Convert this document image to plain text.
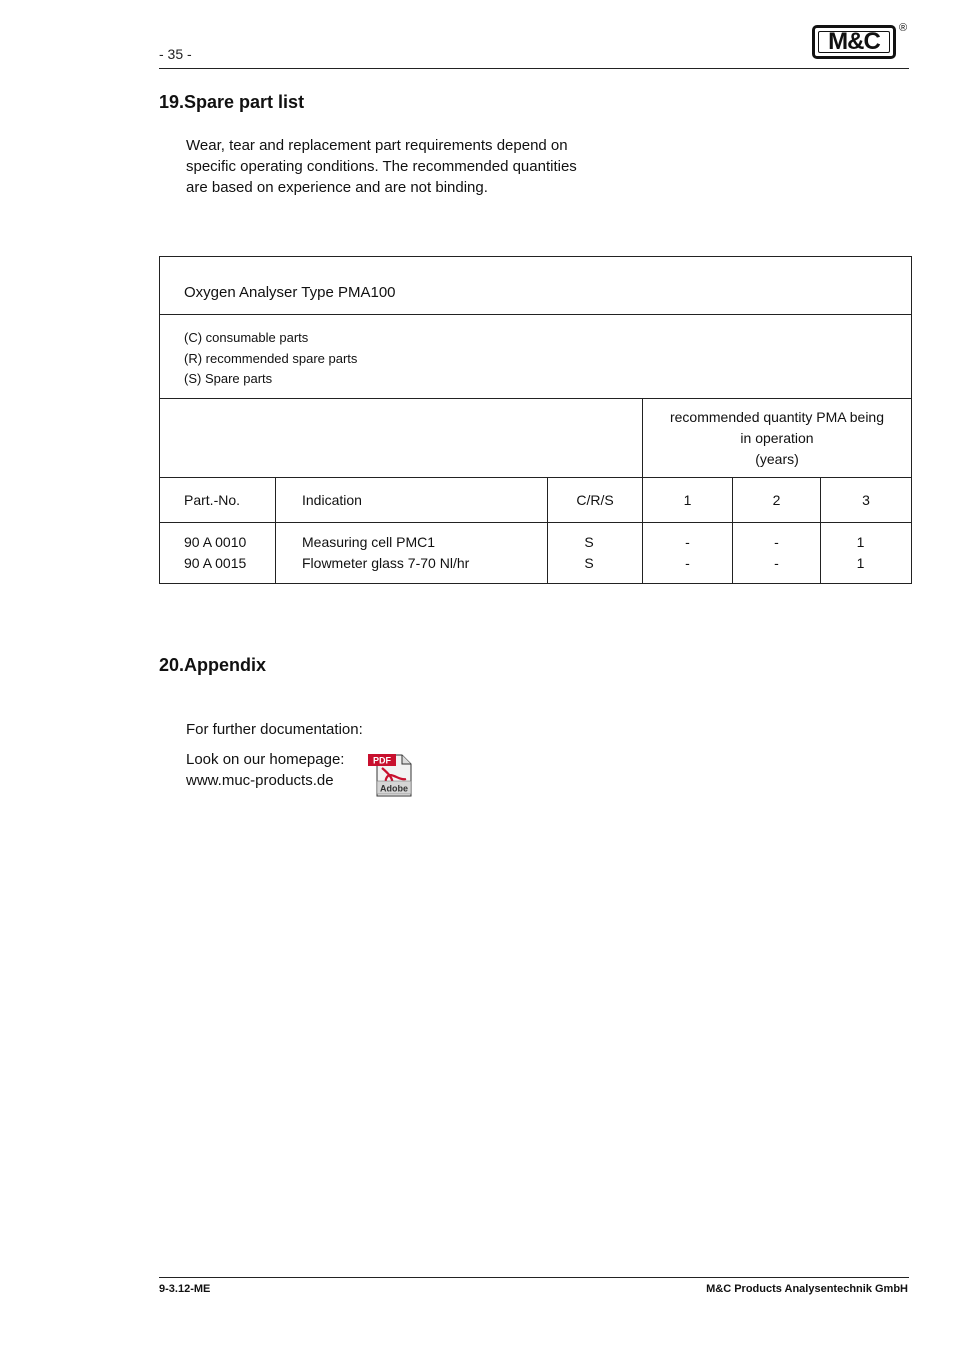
- 35 -	M&C ®
19.Spare part list
Wear, tear and replacement part requirements depend on
specific operating conditions. The recommended quantities
are based on experience and are not binding.
Oxygen Analyser Type PMA100
(C) consumable parts
(R) recommended spare parts
(S) Spare parts
recommended quantity PMA being
in operation
(years)
Part.-No.	Indication	C/R/S	1	2	3
90 A 0010	Measuring cell PMC1	S	-	-	1
90 A 0015	Flowmeter glass 7-70 Nl/hr	S	-	-	1
20.Appendix
For further documentation:
Look on our homepage:
www.muc-products.de
PDF
Adobe
9-3.12-ME	M&C Products Analysentechnik GmbH
